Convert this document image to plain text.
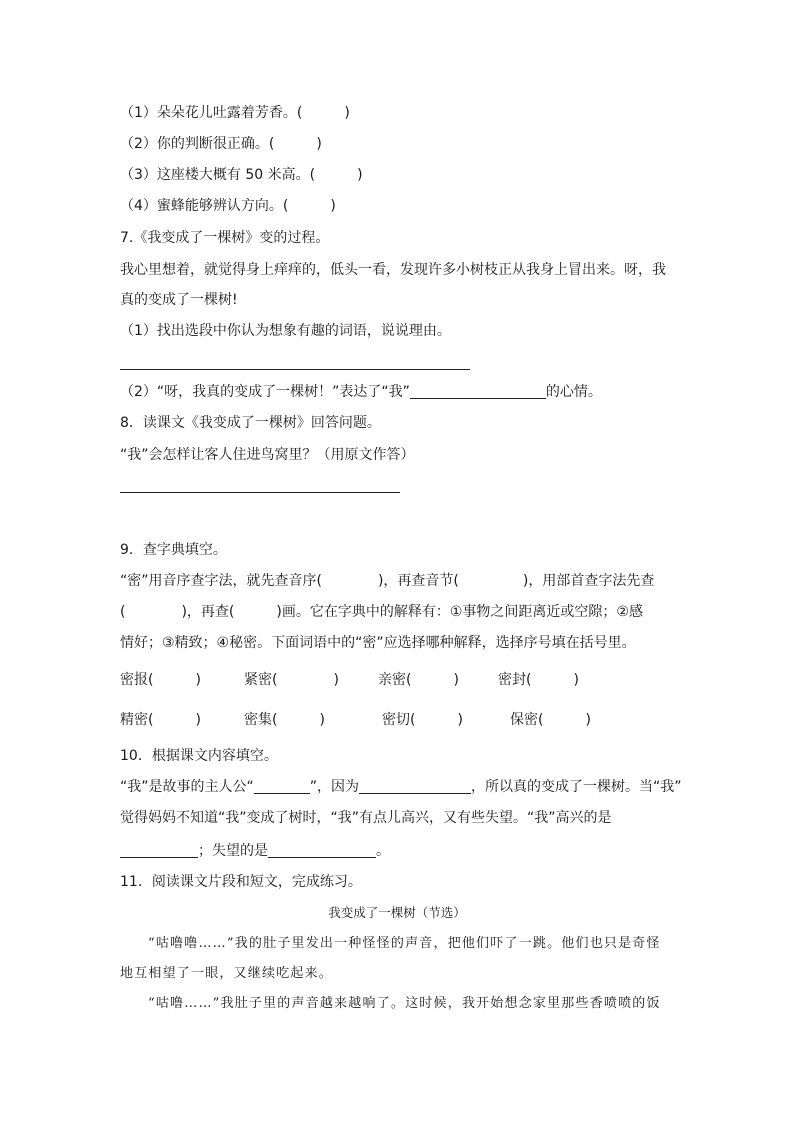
（1）朵朵花儿吐露着芳香。(　　　)
（2）你的判断很正确。(　　　)
（3）这座楼大概有 50 米高。(　　　)
（4）蜜蜂能够辨认方向。(　　　)
7.《我变成了一棵树》变的过程。
我心里想着，就觉得身上痒痒的，低头一看，发现许多小树枝正从我身上冒出来。呀，我
真的变成了一棵树!
（1）找出选段中你认为想象有趣的词语，说说理由。
（2）“呀，我真的变成了一棵树！”表达了“我”	的心情。
8．读课文《我变成了一棵树》回答问题。
“我”会怎样让客人住进鸟窝里？（用原文作答）
9．查字典填空。
“密”用音序查字法，就先查音序(	)，再查音节(	)，用部首查字法先查
(	)，再查(	)画。它在字典中的解释有：①事物之间距离近或空隙；②感
情好；③精致；④秘密。下面词语中的“密”应选择哪种解释，选择序号填在括号里。
密报(　　　)	紧密(　　　　)	亲密(　　　)	密封(　　　)
精密(　　　)	密集(　　　)	密切(　　　)	保密(　　　)
10．根据课文内容填空。
“我”是故事的主人公“	”，因为	，所以真的变成了一棵树。当“我”
觉得妈妈不知道“我”变成了树时，“我”有点儿高兴，又有些失望。“我”高兴的是
；失望的是	。
11．阅读课文片段和短文，完成练习。
我变成了一棵树（节选）
“咕噜噜……”我的肚子里发出一种怪怪的声音，把他们吓了一跳。他们也只是奇怪
地互相望了一眼，又继续吃起来。
“咕噜……”我肚子里的声音越来越响了。这时候，我开始想念家里那些香喷喷的饭
